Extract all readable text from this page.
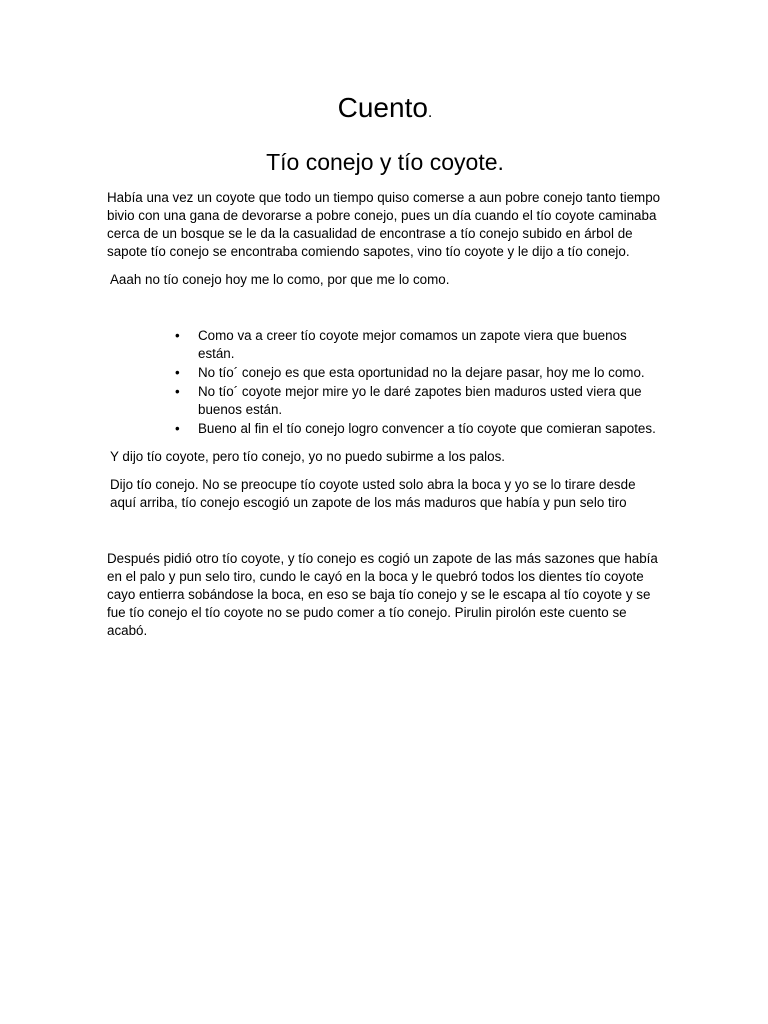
Cuento.
Tío conejo y tío coyote.

Había una vez un coyote que todo un tiempo quiso comerse a aun pobre conejo tanto tiempo bivio con una gana de devorarse a pobre conejo, pues un día cuando el tío coyote caminaba cerca de un bosque se le da la casualidad de encontrase a tío conejo subido en árbol de sapote tío conejo se encontraba comiendo sapotes, vino tío coyote y le dijo a tío conejo.

Aaah no tío conejo hoy me lo como, por que me lo como.

• Como va a creer tío coyote mejor comamos un zapote viera que buenos están.
• No tío´ conejo es que esta oportunidad no la dejare pasar, hoy me lo como.
• No tío´ coyote mejor mire yo le daré zapotes bien maduros usted viera que buenos están.
• Bueno al fin el tío conejo logro convencer a tío coyote que comieran sapotes.

Y dijo tío coyote, pero tío conejo, yo no puedo subirme a los palos.

Dijo tío conejo. No se preocupe tío coyote usted solo abra la boca y yo se lo tirare desde aquí arriba, tío conejo escogió un zapote de los más maduros que había y pun selo tiro

Después pidió otro tío coyote, y tío conejo es cogió un zapote de las más sazones que había en el palo y pun selo tiro, cundo le cayó en la boca y le quebró todos los dientes tío coyote cayo entierra sobándose la boca, en eso se baja tío conejo y se le escapa al tío coyote y se fue tío conejo el tío coyote no se pudo comer a tío conejo. Pirulin pirolón este cuento se acabó.
